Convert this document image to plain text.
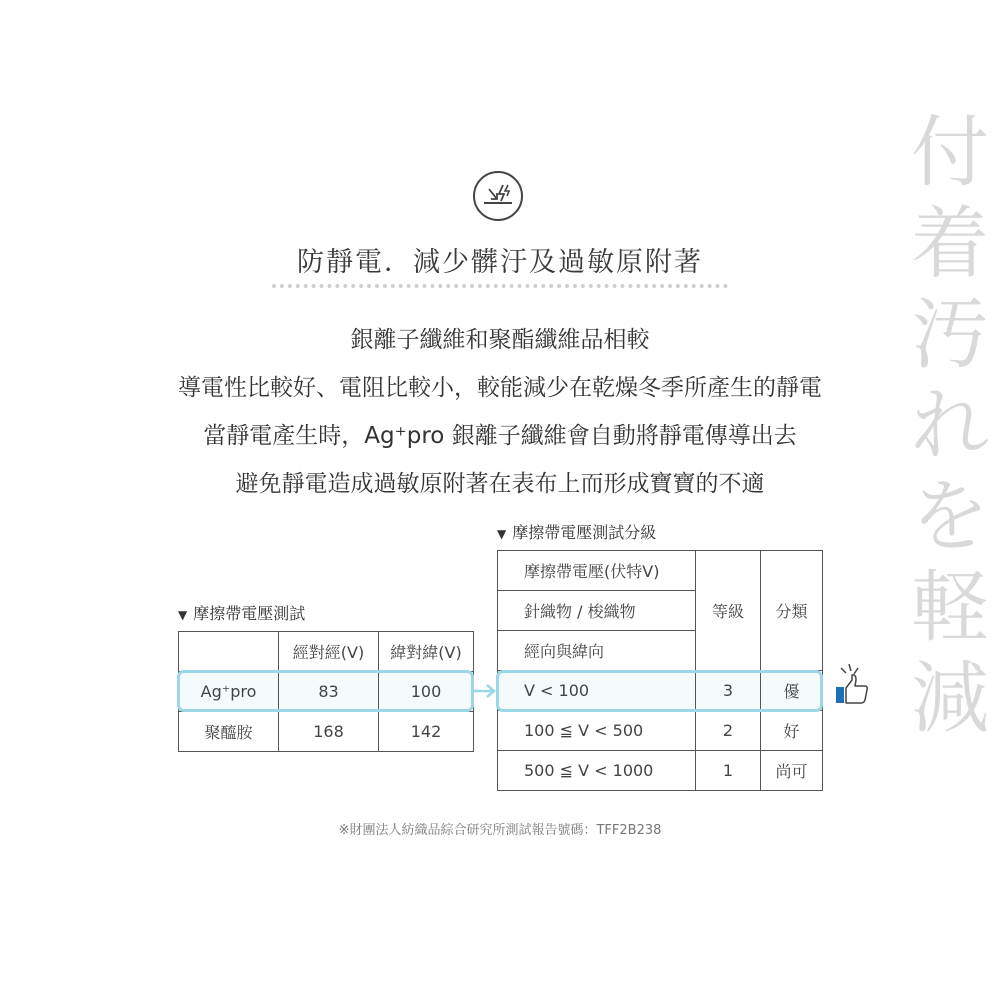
付
着
汚
れ
を
軽
減
防靜電．減少髒汙及過敏原附著
銀離子纖維和聚酯纖維品相較
導電性比較好、電阻比較小，較能減少在乾燥冬季所產生的靜電
當靜電產生時，Ag⁺pro 銀離子纖維會自動將靜電傳導出去
避免靜電造成過敏原附著在表布上而形成寶寶的不適
▼ 摩擦帶電壓測試
	經對經(V)	緯對緯(V)
Ag⁺pro	83	100
聚醯胺	168	142
▼ 摩擦帶電壓測試分級
摩擦帶電壓(伏特V)	等級	分類
針織物 / 梭織物		
經向與緯向		
V < 100	3	優
100 ≦ V < 500	2	好
500 ≦ V < 1000	1	尚可
※財團法人紡織品綜合研究所測試報告號碼：TFF2B238
